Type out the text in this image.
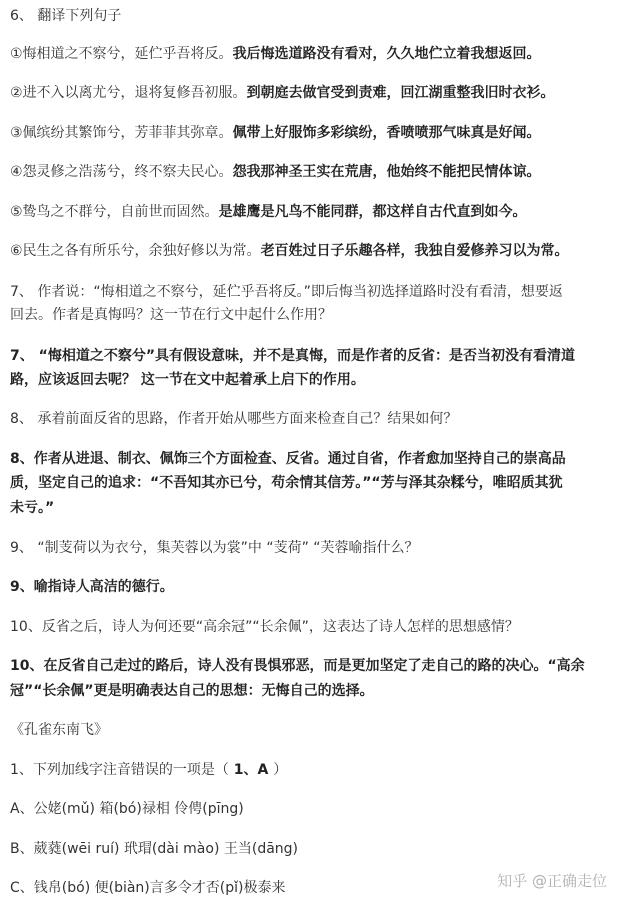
6、 翻译下列句子
①悔相道之不察兮，延伫乎吾将反。我后悔选道路没有看对，久久地伫立着我想返回。
②进不入以离尤兮，退将复修吾初服。到朝庭去做官受到责难，回江湖重整我旧时衣衫。
③佩缤纷其繁饰兮，芳菲菲其弥章。佩带上好服饰多彩缤纷，香喷喷那气味真是好闻。
④怨灵修之浩荡兮，终不察夫民心。怨我那神圣王实在荒唐，他始终不能把民情体谅。
⑤鸷鸟之不群兮，自前世而固然。是雄鹰是凡鸟不能同群，都这样自古代直到如今。
⑥民生之各有所乐兮，余独好修以为常。老百姓过日子乐趣各样，我独自爱修养习以为常。
7、 作者说：“悔相道之不察兮，延伫乎吾将反。”即后悔当初选择道路时没有看清，想要返
回去。作者是真悔吗？这一节在行文中起什么作用？
7、 “悔相道之不察兮”具有假设意味，并不是真悔，而是作者的反省：是否当初没有看清道
路，应该返回去呢？ 这一节在文中起着承上启下的作用。
8、 承着前面反省的思路，作者开始从哪些方面来检查自己？结果如何？
8、作者从进退、制衣、佩饰三个方面检查、反省。通过自省，作者愈加坚持自己的崇高品
质，坚定自己的追求：“不吾知其亦已兮，苟余情其信芳。”“芳与泽其杂糅兮，唯昭质其犹
未亏。”
9、 “制芰荷以为衣兮，集芙蓉以为裳”中 “芰荷” “芙蓉喻指什么？
9、喻指诗人高洁的德行。
10、反省之后，诗人为何还要“高余冠”“长余佩”，这表达了诗人怎样的思想感情？
10、在反省自己走过的路后，诗人没有畏惧邪恶，而是更加坚定了走自己的路的决心。“高余
冠”“长余佩”更是明确表达自己的思想：无悔自己的选择。
《孔雀东南飞》
1、下列加线字注音错误的一项是（ 1、A ）
A、公姥(mǔ) 箱(bó)禄相 伶俜(pīng)
B、葳蕤(wēi ruí) 玳瑁(dài mào) 王当(dāng)
C、钱帛(bó) 便(biàn)言多令才否(pǐ)极泰来	知乎 @正确走位
